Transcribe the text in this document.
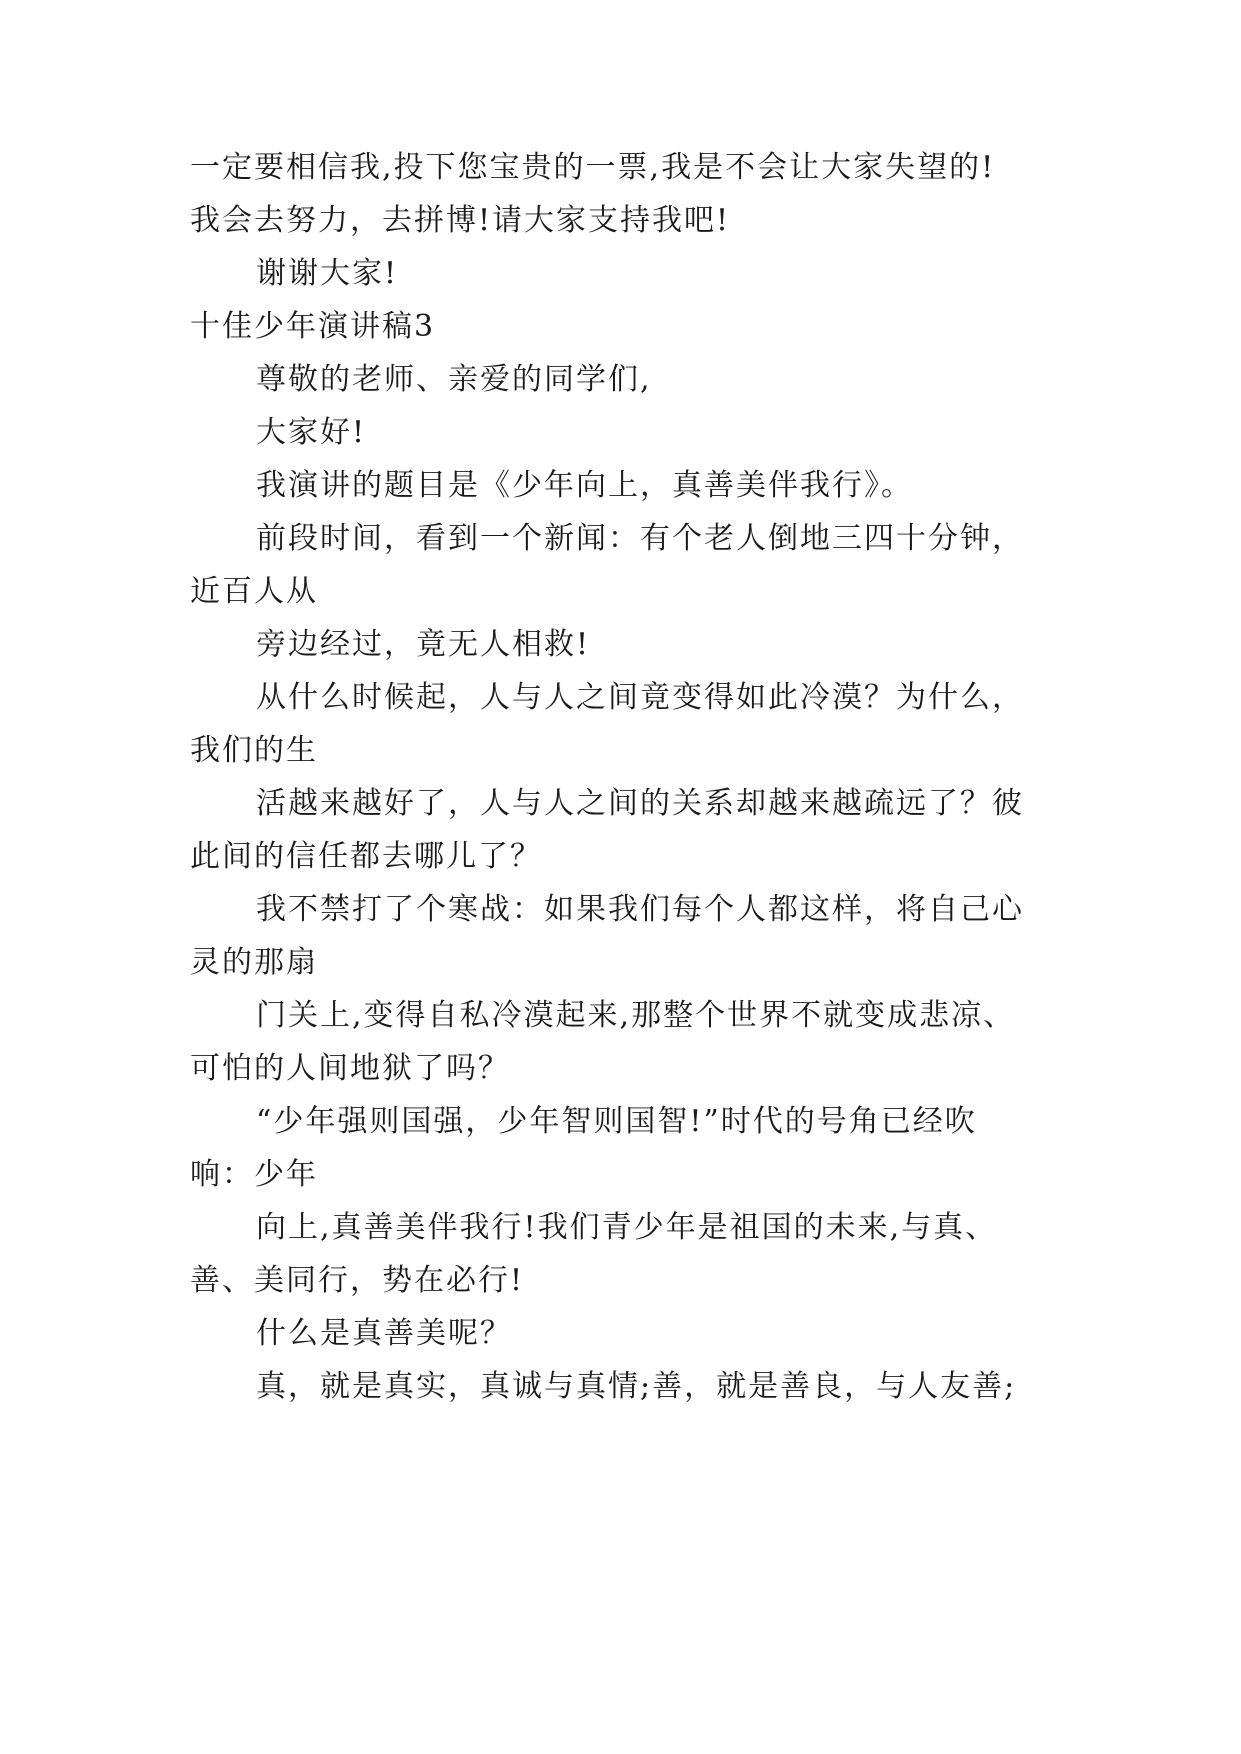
一定要相信我,投下您宝贵的一票,我是不会让大家失望的!
我会去努力，去拼博!请大家支持我吧!
谢谢大家!
十佳少年演讲稿3
尊敬的老师、亲爱的同学们,
大家好!
我演讲的题目是《少年向上，真善美伴我行》。
前段时间，看到一个新闻：有个老人倒地三四十分钟，
近百人从
旁边经过，竟无人相救!
从什么时候起，人与人之间竟变得如此冷漠？为什么，
我们的生
活越来越好了，人与人之间的关系却越来越疏远了？彼
此间的信任都去哪儿了？
我不禁打了个寒战：如果我们每个人都这样，将自己心
灵的那扇
门关上,变得自私冷漠起来,那整个世界不就变成悲凉、
可怕的人间地狱了吗？
“少年强则国强，少年智则国智!”时代的号角已经吹
响：少年
向上,真善美伴我行!我们青少年是祖国的未来,与真、
善、美同行，势在必行!
什么是真善美呢？
真，就是真实，真诚与真情;善，就是善良，与人友善;
